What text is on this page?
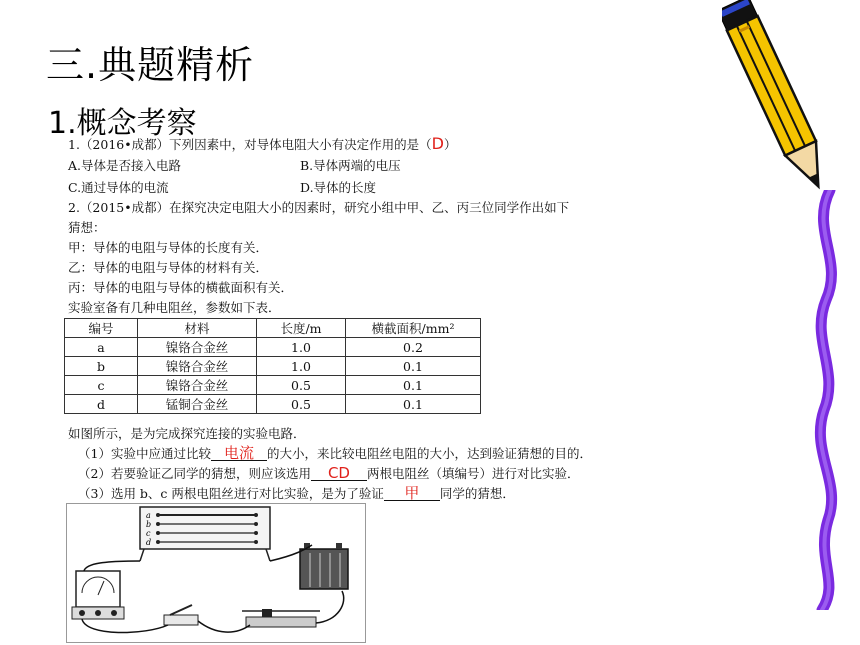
三.典题精析
1.概念考察
1.（2016•成都）下列因素中，对导体电阻大小有决定作用的是（D）
A.导体是否接入电路	B.导体两端的电压
C.通过导体的电流	D.导体的长度
2.（2015•成都）在探究决定电阻大小的因素时，研究小组中甲、乙、丙三位同学作出如下
猜想：
甲：导体的电阻与导体的长度有关．
乙：导体的电阻与导体的材料有关．
丙：导体的电阻与导体的横截面积有关．
实验室备有几种电阻丝，参数如下表．
编号	材料	长度/m	横截面积/mm²
a	镍铬合金丝	1.0	0.2
b	镍铬合金丝	1.0	0.1
c	镍铬合金丝	0.5	0.1
d	锰铜合金丝	0.5	0.1
如图所示，是为完成探究连接的实验电路．
（1）实验中应通过比较 电流 的大小，来比较电阻丝电阻的大小，达到验证猜想的目的．
（2）若要验证乙同学的猜想，则应该选用 CD 两根电阻丝（填编号）进行对比实验．
（3）选用 b、c 两根电阻丝进行对比实验，是为了验证 甲 同学的猜想．
a
b
c
d
